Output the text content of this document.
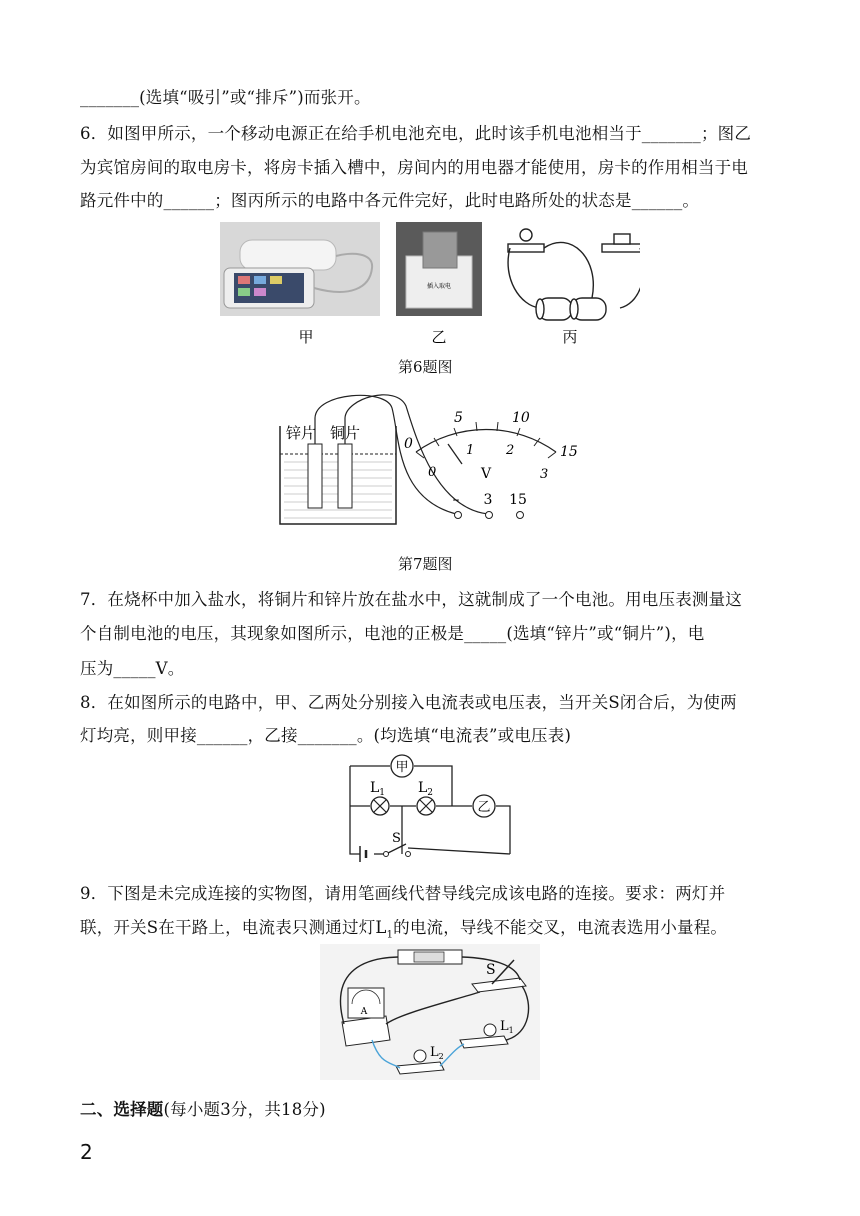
_______(选填“吸引”或“排斥”)而张开。
6．如图甲所示，一个移动电源正在给手机电池充电，此时该手机电池相当于_______；图乙
为宾馆房间的取电房卡，将房卡插入槽中，房间内的用电器才能使用，房卡的作用相当于电
路元件中的______；图丙所示的电路中各元件完好，此时电路所处的状态是______。
插入取电
甲	乙	丙
第6题图
锌片 铜片
0
5	10
15
0
1 2
3
V
– 3 15
第7题图
7．在烧杯中加入盐水，将铜片和锌片放在盐水中，这就制成了一个电池。用电压表测量这
个自制电池的电压，其现象如图所示，电池的正极是_____(选填“锌片”或“铜片”)，电
压为_____V。
8．在如图所示的电路中，甲、乙两处分别接入电流表或电压表，当开关S闭合后，为使两
灯均亮，则甲接______，乙接_______。(均选填“电流表”或电压表)
甲
乙
$L_1$ $L_2$
S
9．下图是未完成连接的实物图，请用笔画线代替导线完成该电路的连接。要求：两灯并
联，开关S在干路上，电流表只测通过灯$L_1$的电流，导线不能交叉，电流表选用小量程。
S
A
$L_1$
$L_2$
二、选择题(每小题3分，共18分)
2
